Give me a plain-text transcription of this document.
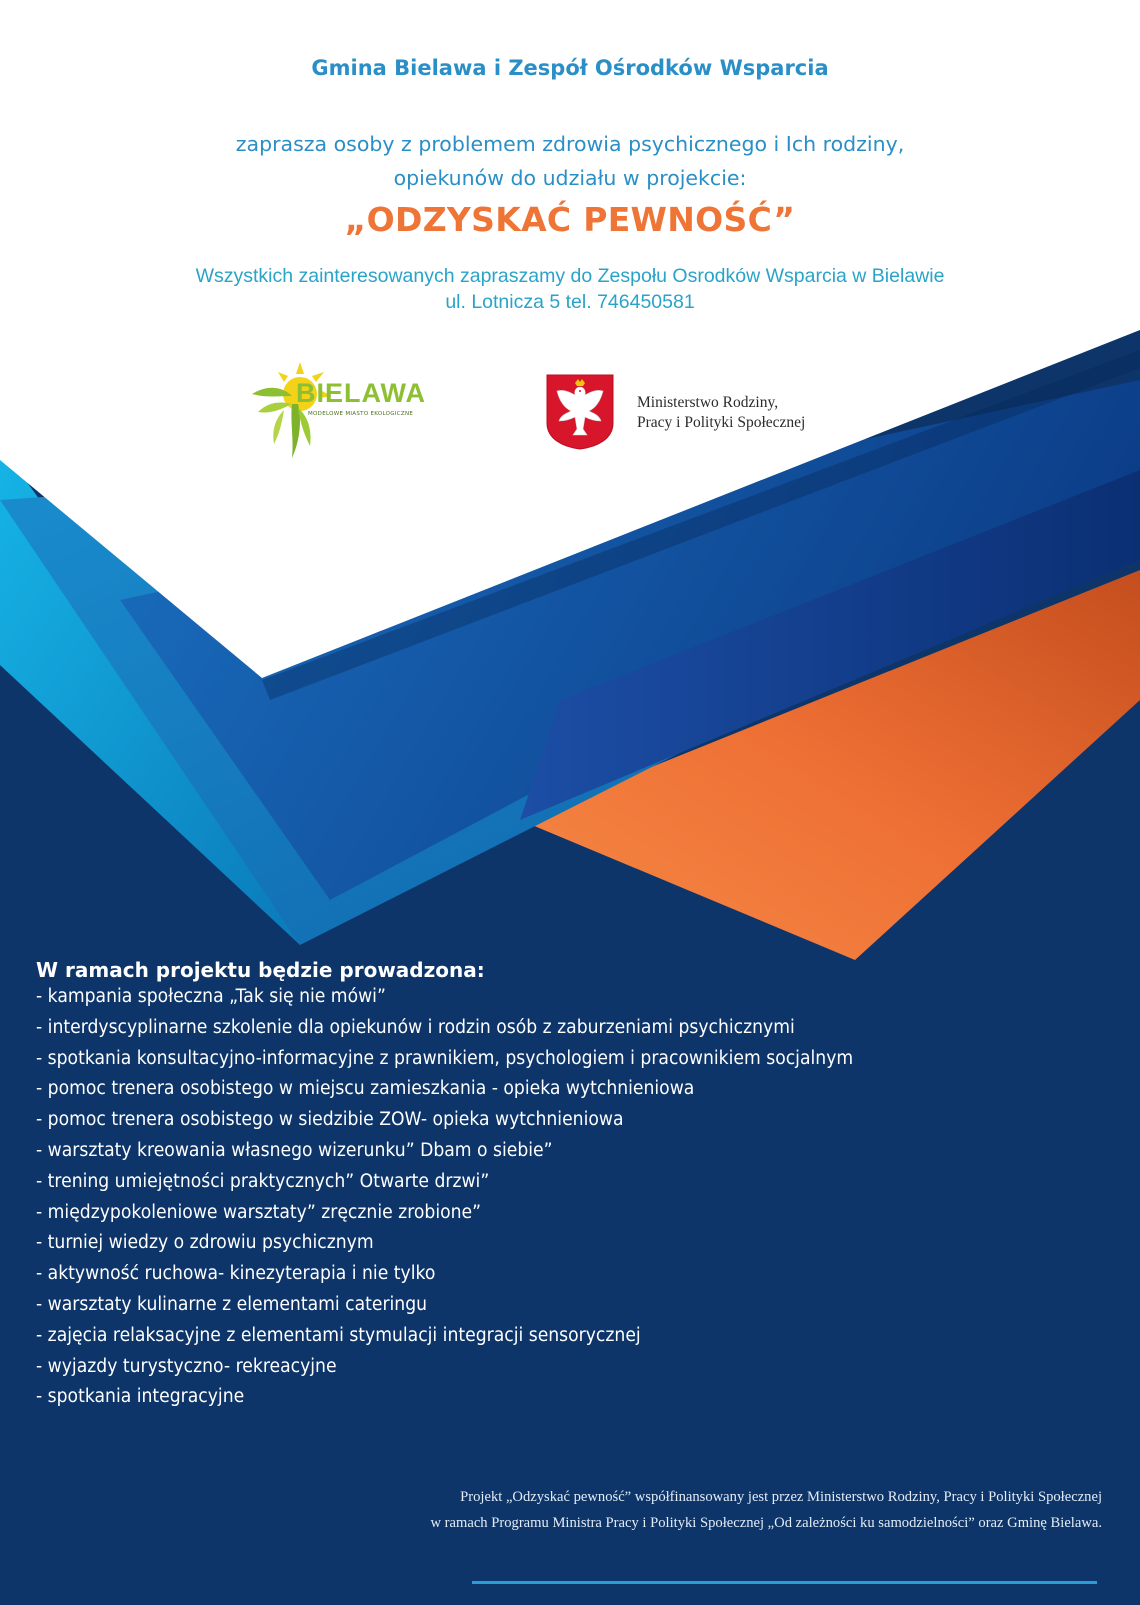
Gmina Bielawa i Zespół Ośrodków Wsparcia
zaprasza osoby z problemem zdrowia psychicznego i Ich rodziny,
opiekunów do udziału w projekcie:
„ODZYSKAĆ PEWNOŚĆ”
Wszystkich zainteresowanych zapraszamy do Zespołu Osrodków Wsparcia w Bielawie
ul. Lotnicza 5 tel. 746450581
BIELAWA
MODELOWE MIASTO EKOLOGICZNE
Ministerstwo Rodziny,
Pracy i Polityki Społecznej
W ramach projektu będzie prowadzona:
- kampania społeczna „Tak się nie mówi”
- interdyscyplinarne szkolenie dla opiekunów i rodzin osób z zaburzeniami psychicznymi
- spotkania konsultacyjno-informacyjne z prawnikiem, psychologiem i pracownikiem socjalnym
- pomoc trenera osobistego w miejscu zamieszkania - opieka wytchnieniowa
- pomoc trenera osobistego w siedzibie ZOW- opieka wytchnieniowa
- warsztaty kreowania własnego wizerunku” Dbam o siebie”
- trening umiejętności praktycznych” Otwarte drzwi”
- międzypokoleniowe warsztaty” zręcznie zrobione”
- turniej wiedzy o zdrowiu psychicznym
- aktywność ruchowa- kinezyterapia i nie tylko
- warsztaty kulinarne z elementami cateringu
- zajęcia relaksacyjne z elementami stymulacji integracji sensorycznej
- wyjazdy turystyczno- rekreacyjne
- spotkania integracyjne
Projekt „Odzyskać pewność” współfinansowany jest przez Ministerstwo Rodziny, Pracy i Polityki Społecznej
w ramach Programu Ministra Pracy i Polityki Społecznej „Od zależności ku samodzielności” oraz Gminę Bielawa.
